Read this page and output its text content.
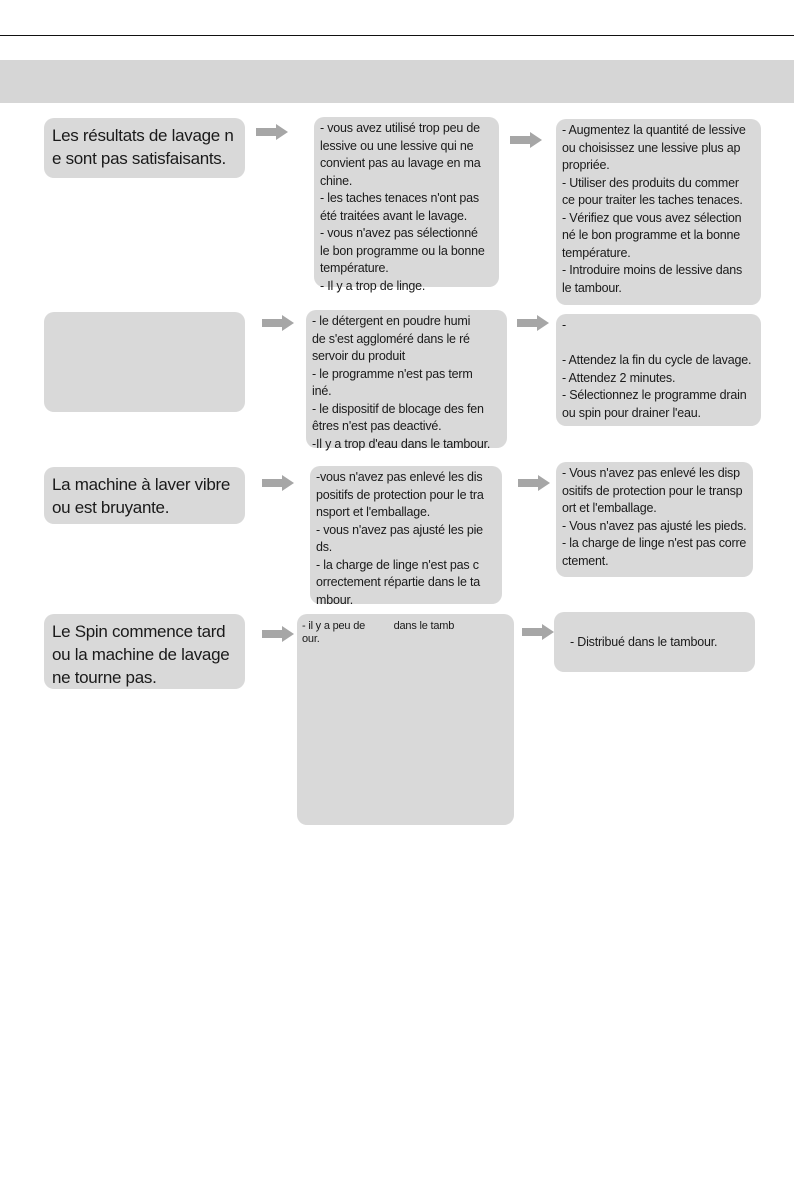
Les résultats de lavage n
e sont pas satisfaisants.
- vous avez utilisé trop peu de
lessive ou une lessive qui ne
convient pas au lavage en ma
chine.
- les taches tenaces n'ont pas
été traitées avant le lavage.
- vous n'avez pas sélectionné
le bon programme ou la bonne
température.
- Il y a trop de linge.
- Augmentez la quantité de lessive
ou choisissez une lessive plus ap
propriée.
- Utiliser des produits du commer
ce pour traiter les taches tenaces.
- Vérifiez que vous avez sélection
né le bon programme et la bonne
température.
- Introduire moins de lessive dans
le tambour.
- le détergent en poudre humi
de s'est aggloméré dans le ré
servoir du produit
- le programme n'est pas term
iné.
- le dispositif de blocage des fen
êtres n'est pas deactivé.
-Il y a trop d'eau dans le tambour.
-

- Attendez la fin du cycle de lavage.
- Attendez 2 minutes.
- Sélectionnez le programme drain
ou spin pour drainer l'eau.
La machine à laver vibre
ou est bruyante.
-vous n'avez pas enlevé les dis
positifs de protection pour le tra
nsport et l'emballage.
- vous n'avez pas ajusté les pie
ds.
- la charge de linge n'est pas c
orrectement répartie dans le ta
mbour.
- Vous n'avez pas enlevé les disp
ositifs de protection pour le transp
ort et l'emballage.
- Vous n'avez pas ajusté les pieds.
- la charge de linge n'est pas corre
ctement.
Le Spin commence tard
ou la machine de lavage
ne tourne pas.
- il y a peu de          dans le tamb
our.	- Distribué dans le tambour.
